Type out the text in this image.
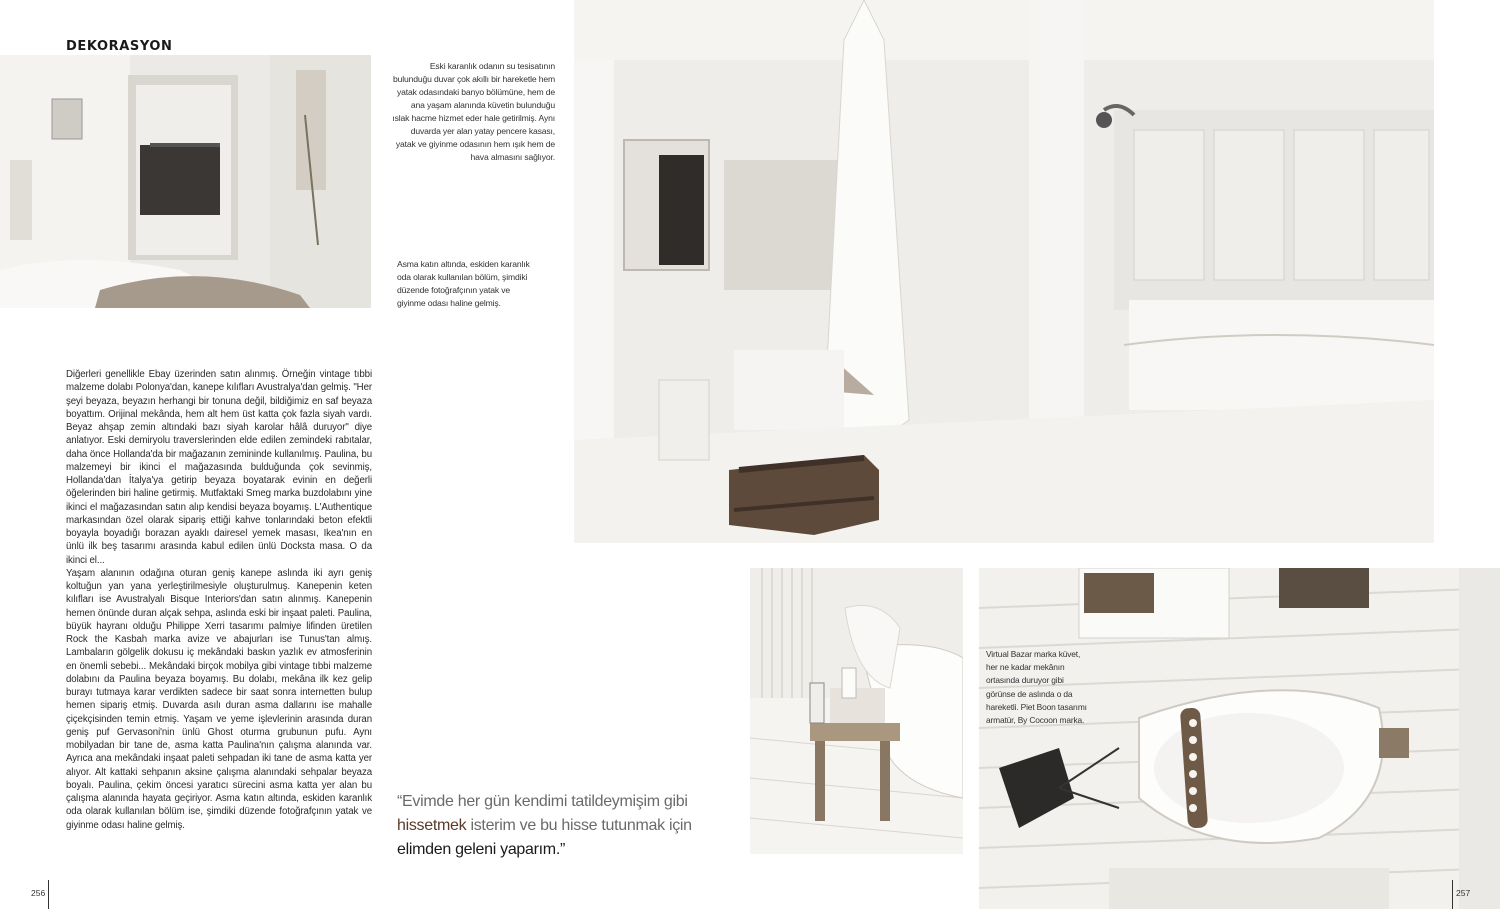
DEKORASYON
Eski karanlık odanın su tesisatının bulunduğu duvar çok akıllı bir hareketle hem yatak odasındaki banyo bölümüne, hem de ana yaşam alanında küvetin bulunduğu ıslak hacme hizmet eder hale getirilmiş. Aynı duvarda yer alan yatay pencere kasası, yatak ve giyinme odasının hem ışık hem de hava almasını sağlıyor.
Asma katın altında, eskiden karanlık oda olarak kullanılan bölüm, şimdiki düzende fotoğrafçının yatak ve giyinme odası haline gelmiş.
Virtual Bazar marka küvet, her ne kadar mekânın ortasında duruyor gibi görünse de aslında o da hareketli. Piet Boon tasarımı armatür, By Cocoon marka.

Diğerleri genellikle Ebay üzerinden satın alınmış. Örneğin vintage tıbbi malzeme dolabı Polonya'dan, kanepe kılıfları Avustralya'dan gelmiş. "Her şeyi beyaza, beyazın herhangi bir tonuna değil, bildiğimiz en saf beyaza boyattım. Orijinal mekânda, hem alt hem üst katta çok fazla siyah vardı. Beyaz ahşap zemin altındaki bazı siyah karolar hâlâ duruyor" diye anlatıyor. Eski demiryolu traverslerinden elde edilen zemindeki rabıtalar, daha önce Hollanda'da bir mağazanın zemininde kullanılmış. Paulina, bu malzemeyi bir ikinci el mağazasında bulduğunda çok sevinmiş, Hollanda'dan İtalya'ya getirip beyaza boyatarak evinin en değerli öğelerinden biri haline getirmiş. Mutfaktaki Smeg marka buzdolabını yine ikinci el mağazasından satın alıp kendisi beyaza boyamış. L'Authentique markasından özel olarak sipariş ettiği kahve tonlarındaki beton efektli boyayla boyadığı borazan ayaklı dairesel yemek masası, Ikea'nın en ünlü ilk beş tasarımı arasında kabul edilen ünlü Docksta masa. O da ikinci el...

Yaşam alanının odağına oturan geniş kanepe aslında iki ayrı geniş koltuğun yan yana yerleştirilmesiyle oluşturulmuş. Kanepenin keten kılıfları ise Avustralyalı Bisque Interiors'dan satın alınmış. Kanepenin hemen önünde duran alçak sehpa, aslında eski bir inşaat paleti. Paulina, büyük hayranı olduğu Philippe Xerri tasarımı palmiye lifinden üretilen Rock the Kasbah marka avize ve abajurları ise Tunus'tan almış. Lambaların gölgelik dokusu iç mekândaki baskın yazlık ev atmosferinin en önemli sebebi... Mekândaki birçok mobilya gibi vintage tıbbi malzeme dolabını da Paulina beyaza boyamış. Bu dolabı, mekâna ilk kez gelip burayı tutmaya karar verdikten sadece bir saat sonra internetten bulup hemen sipariş etmiş. Duvarda asılı duran asma dallarını ise mahalle çiçekçisinden temin etmiş. Yaşam ve yeme işlevlerinin arasında duran geniş puf Gervasoni'nin ünlü Ghost oturma grubunun pufu. Aynı mobilyadan bir tane de, asma katta Paulina'nın çalışma alanında var. Ayrıca ana mekândaki inşaat paleti sehpadan iki tane de asma katta yer alıyor. Alt kattaki sehpanın aksine çalışma alanındaki sehpalar beyaza boyalı. Paulina, çekim öncesi yaratıcı sürecini asma katta yer alan bu çalışma alanında hayata geçiriyor. Asma katın altında, eskiden karanlık oda olarak kullanılan bölüm ise, şimdiki düzende fotoğrafçının yatak ve giyinme odası haline gelmiş.

“Evimde her gün kendimi tatildeymişim gibi
hissetmek isterim ve bu hisse tutunmak için
elimden geleni yaparım.”
256	257
